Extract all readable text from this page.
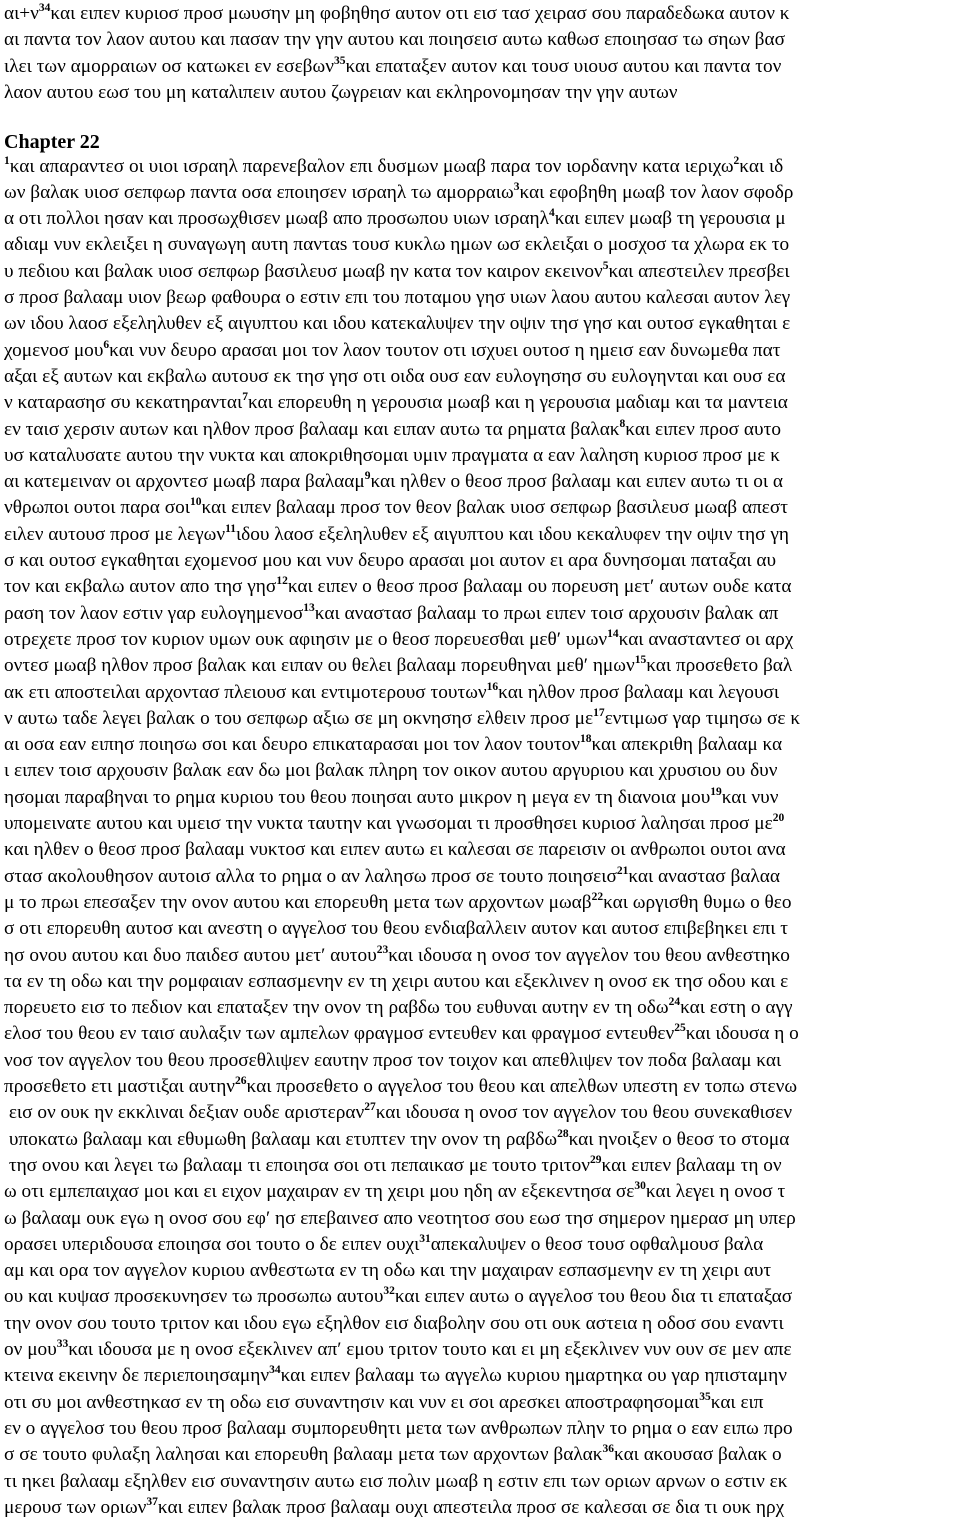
$\alpha\iota+\nu^{34}\kappa\alpha\iota$ ειπεν κυριοσ προσ μωυσην μη φοβηθησ αυτον οτι εισ τασ χειρασ σου παραδεδωκα αυτον κ
αι παντα τον λαον αυτου και πασαν την γην αυτου και ποιησεισ αυτω καθωσ εποιησασ τω σηων βασ
ιλει των αμορραιων οσ κατωκει εν εσεβων$^{35}$και επαταξεν αυτον και τουσ υιουσ αυτου και παντα τον
λαον αυτου εωσ του μη καταλιπειν αυτου ζωγρειαν και εκληρονομησαν την γην αυτων
Chapter 22
$^1$και απαραντεσ οι υιοι ισραηλ παρενεβαλον επι δυσμων μωαβ παρα τον ιορδανην κατα ιεριχω$^2$και ιδ
ων βαλακ υιοσ σεπφωρ παντα οσα εποιησεν ισραηλ τω αμορραιω$^3$και εφοβηθη μωαβ τον λαον σφοδρ
α οτι πολλοι ησαν και προσωχθισεν μωαβ απο προσωπου υιων ισραηλ$^4$και ειπεν μωαβ τη γερουσια μ
αδιαμ νυν εκλειξει η συναγωγη αυτη πανταs τουσ κυκλω ημων ωσ εκλειξαι ο μοσχοσ τα χλωρα εκ το
υ πεδιου και βαλακ υιοσ σεπφωρ βασιλευσ μωαβ ην κατα τον καιρον εκεινον$^5$και απεστειλεν πρεσβει
σ προσ βαλααμ υιον βεωρ φαθουρα ο εστιν επι του ποταμου γησ υιων λαου αυτου καλεσαι αυτον λεγ
ων ιδου λαοσ εξεληλυθεν εξ αιγυπτου και ιδου κατεκαλυψεν την οψιν τησ γησ και ουτοσ εγκαθηται ε
χομενοσ μου$^6$και νυν δευρο αρασαι μοι τον λαον τουτον οτι ισχυει ουτοσ η ημεισ εαν δυνωμεθα πατ
αξαι εξ αυτων και εκβαλω αυτουσ εκ τησ γησ οτι οιδα ουσ εαν ευλογησησ συ ευλογηνται και ουσ εα
ν καταρασησ συ κεκατηρανται$^7$και επορευθη η γερουσια μωαβ και η γερουσια μαδιαμ και τα μαντεια
εν ταισ χερσιν αυτων και ηλθον προσ βαλααμ και ειπαν αυτω τα ρηματα βαλακ$^8$και ειπεν προσ αυτο
υσ καταλυσατε αυτου την νυκτα και αποκριθησομαι υμιν πραγματα α εαν λαληση κυριοσ προσ με κ
αι κατεμειναν οι αρχοντεσ μωαβ παρα βαλααμ$^9$και ηλθεν ο θεοσ προσ βαλααμ και ειπεν αυτω τι οι α
νθρωποι ουτοι παρα σοι$^{10}$και ειπεν βαλααμ προσ τον θεον βαλακ υιοσ σεπφωρ βασιλευσ μωαβ απεστ
ειλεν αυτουσ προσ με λεγων$^{11}$ιδου λαοσ εξεληλυθεν εξ αιγυπτου και ιδου κεκαλυφεν την οψιν τησ γη
σ και ουτοσ εγκαθηται εχομενοσ μου και νυν δευρο αρασαι μοι αυτον ει αρα δυνησομαι παταξαι αυ
τον και εκβαλω αυτον απο τησ γησ$^{12}$και ειπεν ο θεοσ προσ βαλααμ ου πορευση μετ′ αυτων ουδε κατα
ραση τον λαον εστιν γαρ ευλογημενοσ$^{13}$και αναστασ βαλααμ το πρωι ειπεν τοισ αρχουσιν βαλακ απ
οτρεχετε προσ τον κυριον υμων ουκ αφιησιν με ο θεοσ πορευεσθαι μεθ′ υμων$^{14}$και ανασταντεσ οι αρχ
οντεσ μωαβ ηλθον προσ βαλακ και ειπαν ου θελει βαλααμ πορευθηναι μεθ′ ημων$^{15}$και προσεθετο βαλ
ακ ετι αποστειλαι αρχοντασ πλειουσ και εντιμοτερουσ τουτων$^{16}$και ηλθον προσ βαλααμ και λεγουσι
ν αυτω ταδε λεγει βαλακ ο του σεπφωρ αξιω σε μη οκνησησ ελθειν προσ $\mu\varepsilon^{17}\varepsilon\nu\tau\iota\mu\omega\sigma$ γαρ τιμησω σε κ
αι οσα εαν ειπησ ποιησω σοι και δευρο επικαταρασαι μοι τον λαον τουτον$^{18}$και απεκριθη βαλααμ κα
ι ειπεν τοισ αρχουσιν βαλακ εαν δω μοι βαλακ πληρη τον οικον αυτου αργυριου και χρυσιου ου δυν
ησομαι παραβηναι το ρημα κυριου του θεου ποιησαι αυτο μικρον η μεγα εν τη διανοια μου$^{19}$και νυν
υπομεινατε αυτου και υμεισ την νυκτα ταυτην και γνωσομαι τι προσθησει κυριοσ λαλησαι προσ $\mu\varepsilon^{20}$
και ηλθεν ο θεοσ προσ βαλααμ νυκτοσ και ειπεν αυτω ει καλεσαι σε παρεισιν οι ανθρωποι ουτοι ανα
στασ ακολουθησον αυτοισ αλλα το ρημα ο αν λαλησω προσ σε τουτο ποιησεισ$^{21}$και αναστασ βαλαα
μ το πρωι επεσαξεν την ονον αυτου και επορευθη μετα των αρχοντων μωαβ$^{22}$και ωργισθη θυμω ο θεο
σ οτι επορευθη αυτοσ και ανεστη ο αγγελοσ του θεου ενδιαβαλλειν αυτον και αυτοσ επιβεβηκει επι τ
ησ ονου αυτου και δυο παιδεσ αυτου μετ′ αυτου$^{23}$και ιδουσα η ονοσ τον αγγελον του θεου ανθεστηκο
τα εν τη οδω και την ρομφαιαν εσπασμενην εν τη χειρι αυτου και εξεκλινεν η ονοσ εκ τησ οδου και ε
πορευετο εισ το πεδιον και επαταξεν την ονον τη ραβδω του ευθυναι αυτην εν τη οδω$^{24}$και εστη ο αγγ
ελοσ του θεου εν ταισ αυλαξιν των αμπελων φραγμοσ εντευθεν και φραγμοσ εντευθεν$^{25}$και ιδουσα η ο
νοσ τον αγγελον του θεου προσεθλιψεν εαυτην προσ τον τοιχον και απεθλιψεν τον ποδα βαλααμ και
προσεθετο ετι μαστιξαι αυτην$^{26}$και προσεθετο ο αγγελοσ του θεου και απελθων υπεστη εν τοπω στενω
εισ ον ουκ ην εκκλιναι δεξιαν ουδε αριστεραν$^{27}$και ιδουσα η ονοσ τον αγγελον του θεου συνεκαθισεν
υποκατω βαλααμ και εθυμωθη βαλααμ και ετυπτεν την ονον τη ραβδω$^{28}$και ηνοιξεν ο θεοσ το στομα
τησ ονου και λεγει τω βαλααμ τι εποιησα σοι οτι πεπαικασ με τουτο τριτον$^{29}$και ειπεν βαλααμ τη ον
ω οτι εμπεπαιχασ μοι και ει ειχον μαχαιραν εν τη χειρι μου ηδη αν εξεκεντησα $\sigma\varepsilon^{30}\kappa\alpha\iota$ λεγει η ονοσ τ
ω βαλααμ ουκ εγω η ονοσ σου εφ′ ησ επεβαινεσ απο νεοτητοσ σου εωσ τησ σημερον ημερασ μη υπερ
ορασει υπεριδουσα εποιησα σοι τουτο ο δε ειπεν ουχι$^{31}$απεκαλυψεν ο θεοσ τουσ οφθαλμουσ βαλα
αμ και ορα τον αγγελον κυριου ανθεστωτα εν τη οδω και την μαχαιραν εσπασμενην εν τη χειρι αυτ
ου και κυψασ προσεκυνησεν τω προσωπω αυτου$^{32}$και ειπεν αυτω ο αγγελοσ του θεου δια τι επαταξασ
την ονον σου τουτο τριτον και ιδου εγω εξηλθον εισ διαβολην σου οτι ουκ αστεια η οδοσ σου εναντι
ον μου$^{33}$και ιδουσα με η ονοσ εξεκλινεν απ′ εμου τριτον τουτο και ει μη εξεκλινεν νυν ουν σε μεν απε
κτεινα εκεινην δε περιεποιησαμην$^{34}$και ειπεν βαλααμ τω αγγελω κυριου ημαρτηκα ου γαρ ηπισταμην
οτι συ μοι ανθεστηκασ εν τη οδω εισ συναντησιν και νυν ει σοι αρεσκει αποστραφησομαι$^{35}$και ειπ
εν ο αγγελοσ του θεου προσ βαλααμ συμπορευθητι μετα των ανθρωπων πλην το ρημα ο εαν ειπω προ
σ σε τουτο φυλαξη λαλησαι και επορευθη βαλααμ μετα των αρχοντων βαλακ$^{36}$και ακουσασ βαλακ ο
τι ηκει βαλααμ εξηλθεν εισ συναντησιν αυτω εισ πολιν μωαβ η εστιν επι των οριων αρνων ο εστιν εκ
μερουσ των οριων$^{37}$και ειπεν βαλακ προσ βαλααμ ουχι απεστειλα προσ σε καλεσαι σε δια τι ουκ ηρχ
